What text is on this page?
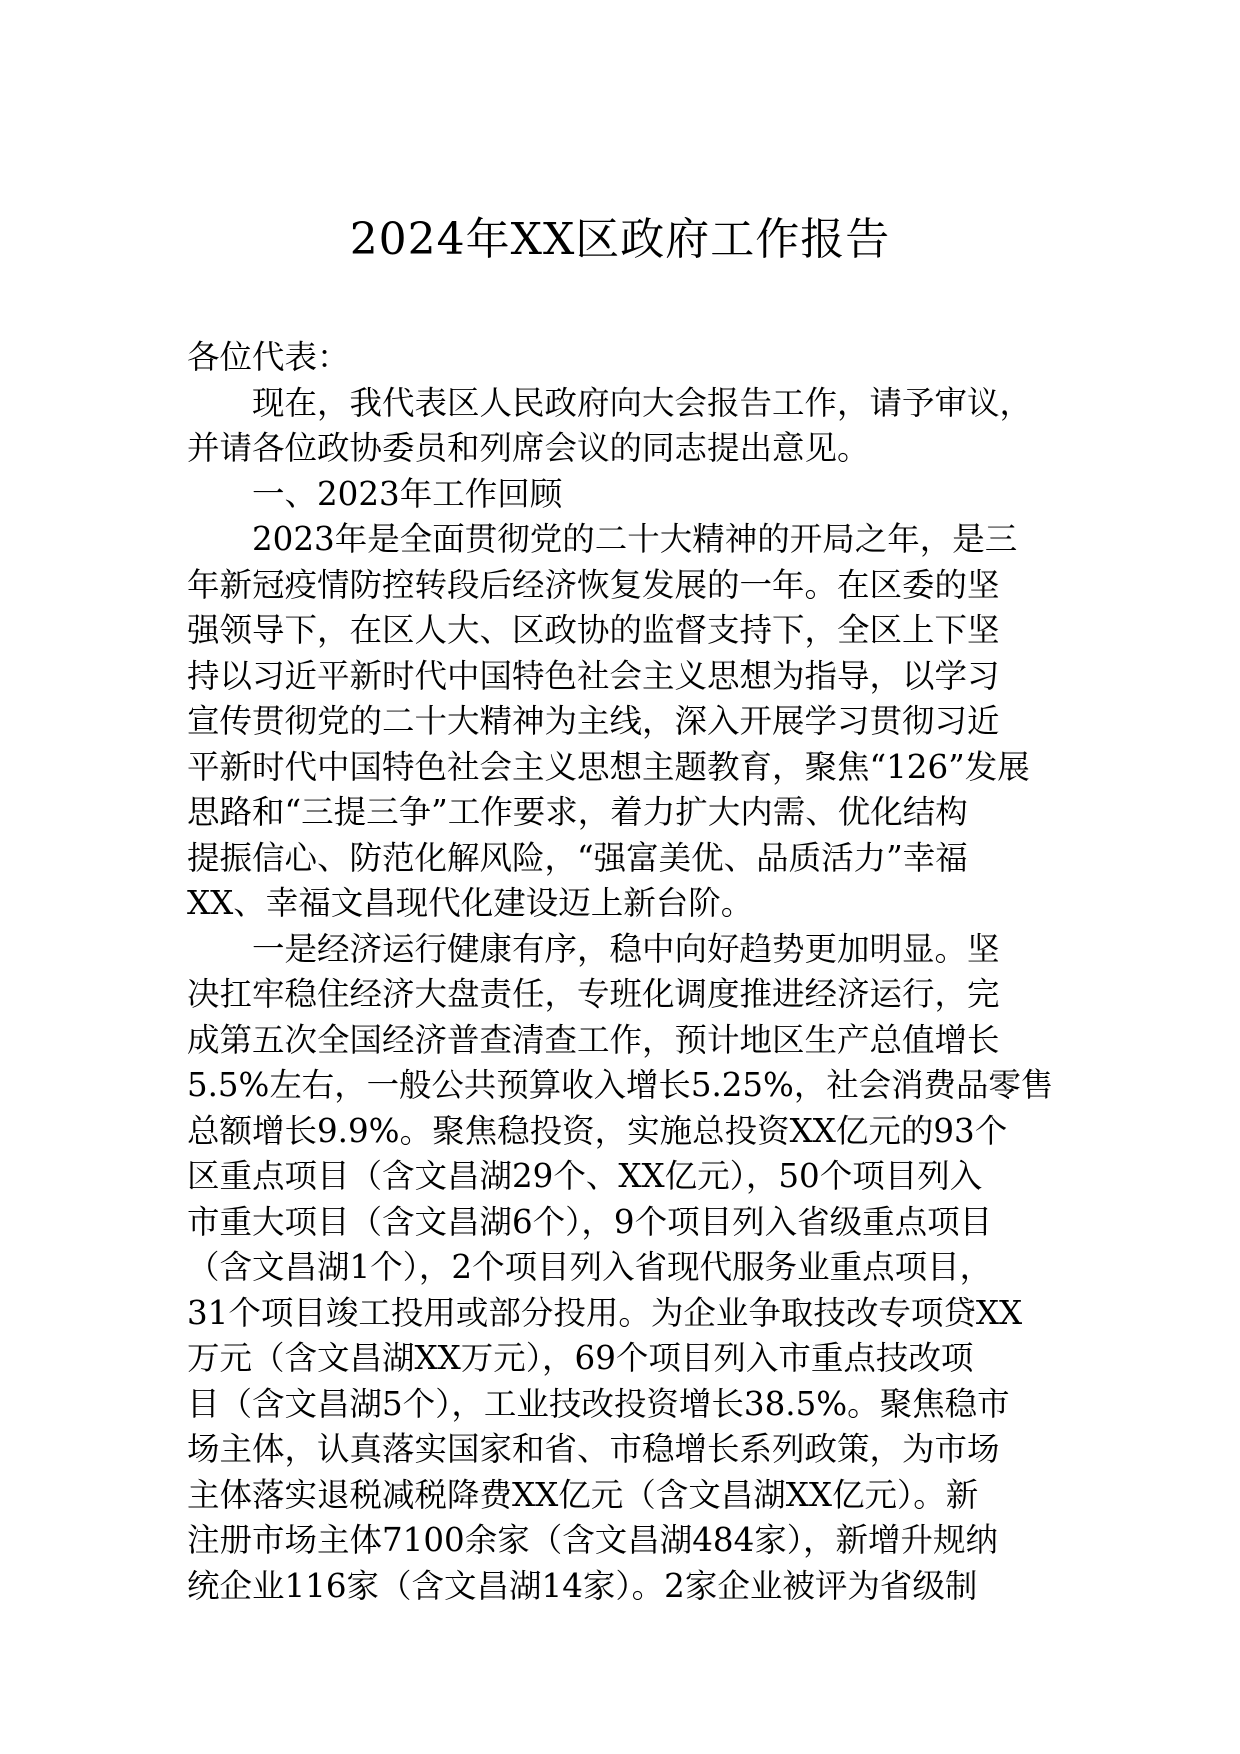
2024年XX区政府工作报告
各位代表：
现在，我代表区人民政府向大会报告工作，请予审议，
并请各位政协委员和列席会议的同志提出意见。
一、2023年工作回顾
2023年是全面贯彻党的二十大精神的开局之年，是三
年新冠疫情防控转段后经济恢复发展的一年。在区委的坚
强领导下，在区人大、区政协的监督支持下，全区上下坚
持以习近平新时代中国特色社会主义思想为指导，以学习
宣传贯彻党的二十大精神为主线，深入开展学习贯彻习近
平新时代中国特色社会主义思想主题教育，聚焦“126”发展
思路和“三提三争”工作要求，着力扩大内需、优化结构
提振信心、防范化解风险，“强富美优、品质活力”幸福
XX、幸福文昌现代化建设迈上新台阶。
一是经济运行健康有序，稳中向好趋势更加明显。坚
决扛牢稳住经济大盘责任，专班化调度推进经济运行，完
成第五次全国经济普查清查工作，预计地区生产总值增长
5.5%左右，一般公共预算收入增长5.25%，社会消费品零售
总额增长9.9%。聚焦稳投资，实施总投资XX亿元的93个
区重点项目（含文昌湖29个、XX亿元），50个项目列入
市重大项目（含文昌湖6个），9个项目列入省级重点项目
（含文昌湖1个），2个项目列入省现代服务业重点项目，
31个项目竣工投用或部分投用。为企业争取技改专项贷XX
万元（含文昌湖XX万元），69个项目列入市重点技改项
目（含文昌湖5个），工业技改投资增长38.5%。聚焦稳市
场主体，认真落实国家和省、市稳增长系列政策，为市场
主体落实退税减税降费XX亿元（含文昌湖XX亿元）。新
注册市场主体7100余家（含文昌湖484家），新增升规纳
统企业116家（含文昌湖14家）。2家企业被评为省级制
